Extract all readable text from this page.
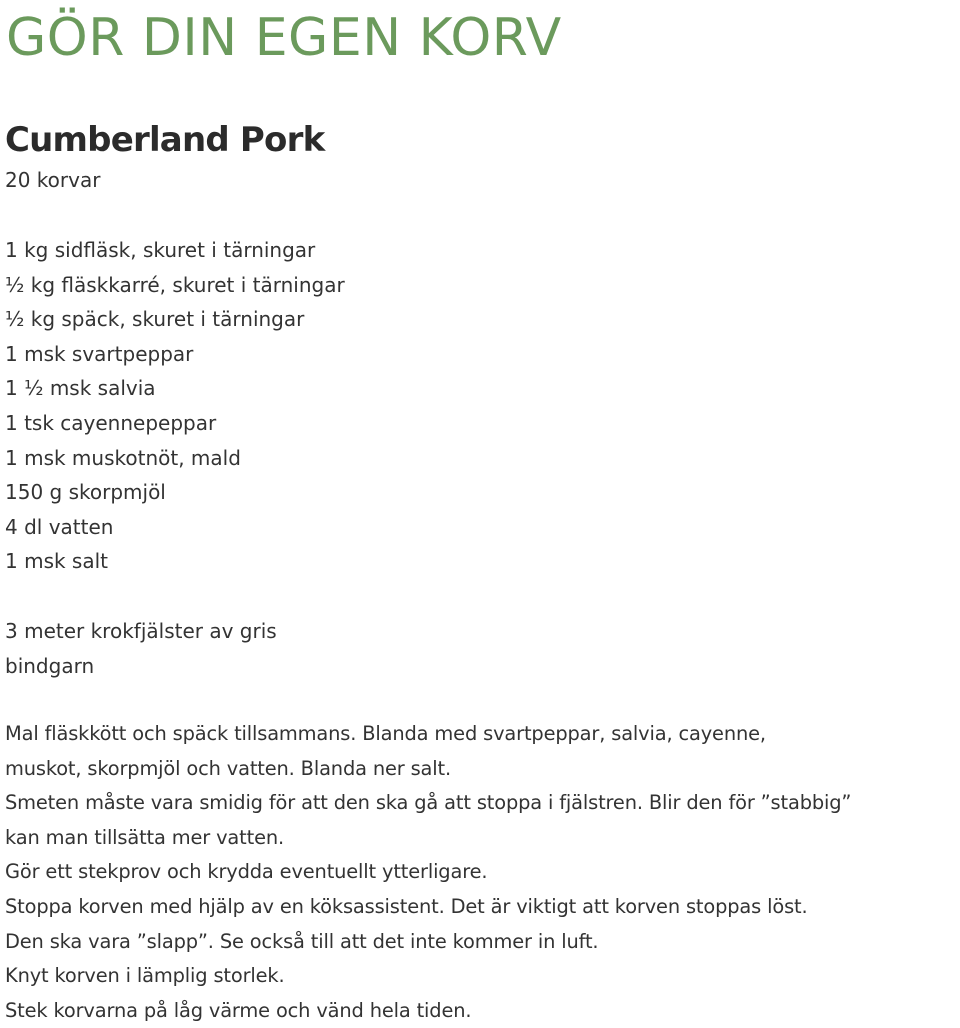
GÖR DIN EGEN KORV
Cumberland Pork

20 korvar

1 kg sidfläsk, skuret i tärningar
½ kg fläskkarré, skuret i tärningar
½ kg späck, skuret i tärningar
1 msk svartpeppar
1 ½ msk salvia
1 tsk cayennepeppar
1 msk muskotnöt, mald
150 g skorpmjöl
4 dl vatten
1 msk salt
3 meter krokfjälster av gris
bindgarn
Mal fläskkött och späck tillsammans. Blanda med svartpeppar, salvia, cayenne,
muskot, skorpmjöl och vatten. Blanda ner salt.
Smeten måste vara smidig för att den ska gå att stoppa i fjälstren. Blir den för ”stabbig”
kan man tillsätta mer vatten.
Gör ett stekprov och krydda eventuellt ytterligare.
Stoppa korven med hjälp av en köksassistent. Det är viktigt att korven stoppas löst.
Den ska vara ”slapp”. Se också till att det inte kommer in luft.
Knyt korven i lämplig storlek.
Stek korvarna på låg värme och vänd hela tiden.
